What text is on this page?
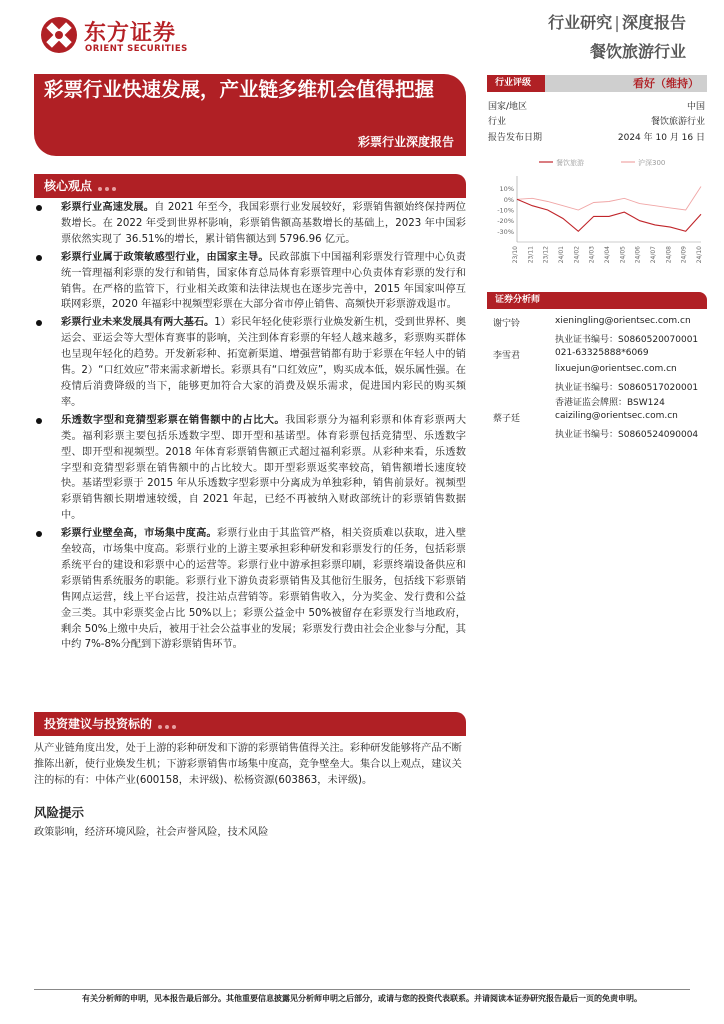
东方证券
ORIENT SECURITIES
行业研究 | 深度报告
餐饮旅游行业
彩票行业快速发展，产业链多维机会值得把握
彩票行业深度报告
核心观点
彩票行业高速发展。自 2021 年至今，我国彩票行业发展较好，彩票销售额始终保持两位数增长。在 2022 年受到世界杯影响，彩票销售额高基数增长的基础上，2023 年中国彩票依然实现了 36.51%的增长，累计销售额达到 5796.96 亿元。
彩票行业属于政策敏感型行业，由国家主导。民政部旗下中国福利彩票发行管理中心负责统一管理福利彩票的发行和销售，国家体育总局体育彩票管理中心负责体育彩票的发行和销售。在严格的监管下，行业相关政策和法律法规也在逐步完善中，2015 年国家叫停互联网彩票，2020 年福彩中视频型彩票在大部分省市停止销售、高频快开彩票游戏退市。
彩票行业未来发展具有两大基石。1）彩民年轻化使彩票行业焕发新生机，受到世界杯、奥运会、亚运会等大型体育赛事的影响，关注到体育彩票的年轻人越来越多，彩票购买群体也呈现年轻化的趋势。开发新彩种、拓宽新渠道、增强营销都有助于彩票在年轻人中的销售。2）“口红效应”带来需求新增长。彩票具有“口红效应”，购买成本低，娱乐属性强。在疫情后消费降级的当下，能够更加符合大家的消费及娱乐需求，促进国内彩民的购买频率。
乐透数字型和竞猜型彩票在销售额中的占比大。我国彩票分为福利彩票和体育彩票两大类。福利彩票主要包括乐透数字型、即开型和基诺型。体育彩票包括竞猜型、乐透数字型、即开型和视频型。2018 年体育彩票销售额正式超过福利彩票。从彩种来看，乐透数字型和竞猜型彩票在销售额中的占比较大。即开型彩票返奖率较高，销售额增长速度较快。基诺型彩票于 2015 年从乐透数字型彩票中分离成为单独彩种，销售前景好。视频型彩票销售额长期增速较缓，自 2021 年起，已经不再被纳入财政部统计的彩票销售数据中。
彩票行业壁垒高，市场集中度高。彩票行业由于其监管严格，相关资质难以获取，进入壁垒较高，市场集中度高。彩票行业的上游主要承担彩种研发和彩票发行的任务，包括彩票系统平台的建设和彩票中心的运营等。彩票行业中游承担彩票印刷，彩票终端设备供应和彩票销售系统服务的职能。彩票行业下游负责彩票销售及其他衍生服务，包括线下彩票销售网点运营，线上平台运营，投注站点营销等。彩票销售收入，分为奖金、发行费和公益金三类。其中彩票奖金占比 50%以上；彩票公益金中 50%被留存在彩票发行当地政府，剩余 50%上缴中央后，被用于社会公益事业的发展；彩票发行费由社会企业参与分配，其中约 7%-8%分配到下游彩票销售环节。
投资建议与投资标的
从产业链角度出发，处于上游的彩种研发和下游的彩票销售值得关注。彩种研发能够将产品不断推陈出新，使行业焕发生机；下游彩票销售市场集中度高，竞争壁垒大。集合以上观点，建议关注的标的有：中体产业(600158，未评级)、松杨资源(603863，未评级)。
风险提示
政策影响，经济环境风险，社会声誉风险，技术风险
行业评级	看好（维持）
国家/地区	中国
行业	餐饮旅游行业
报告发布日期	2024 年 10 月 16 日
餐饮旅游	沪深300
10%
0%
-10%
-20%
-30%
23/10 23/11 23/12 24/01 24/02 24/03 24/04 24/05 24/06 24/07 24/08 24/09 24/10
证券分析师
谢宁铃	xieningling@orientsec.com.cn
执业证书编号：S0860520070001
李雪君	021-63325888*6069
lixuejun@orientsec.com.cn
执业证书编号：S0860517020001
香港证监会牌照：BSW124
蔡子廷	caiziling@orientsec.com.cn
执业证书编号：S0860524090004
有关分析师的申明，见本报告最后部分。其他重要信息披露见分析师申明之后部分，或请与您的投资代表联系。并请阅读本证券研究报告最后一页的免责申明。
